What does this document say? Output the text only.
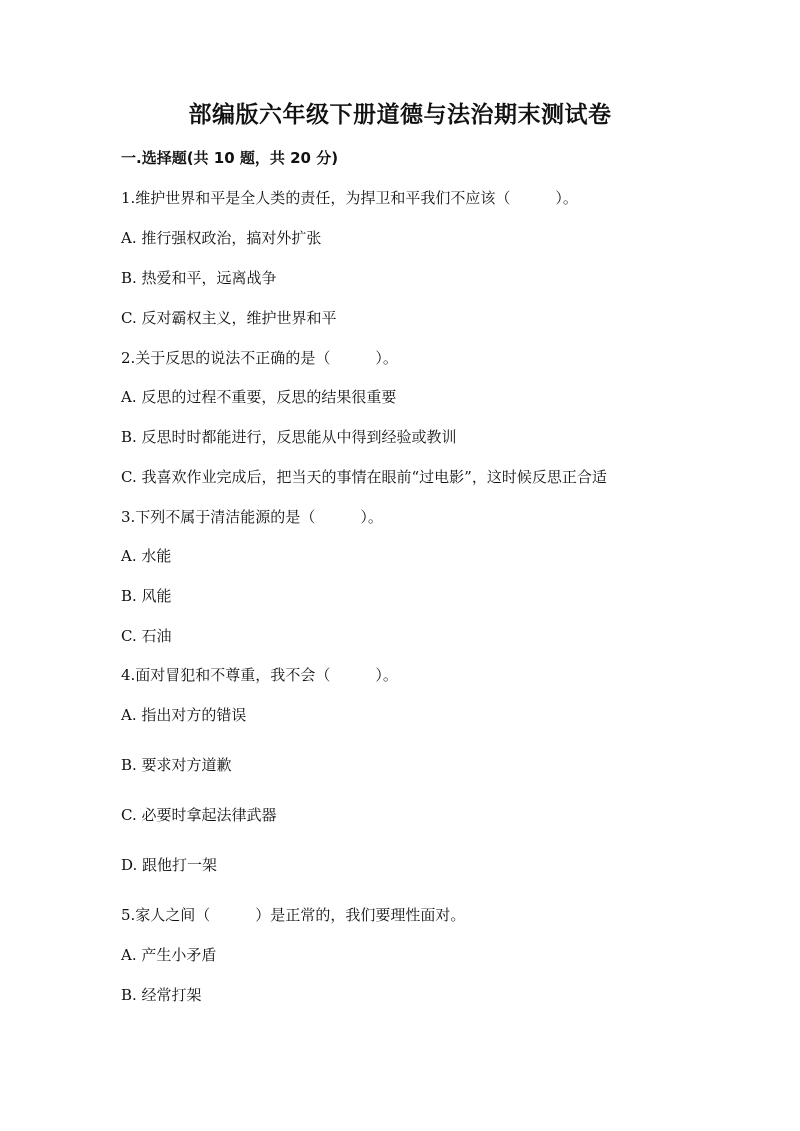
部编版六年级下册道德与法治期末测试卷
一.选择题(共 10 题，共 20 分)
1.维护世界和平是全人类的责任，为捍卫和平我们不应该（　　　）。
A. 推行强权政治，搞对外扩张
B. 热爱和平，远离战争
C. 反对霸权主义，维护世界和平
2.关于反思的说法不正确的是（　　　）。
A. 反思的过程不重要，反思的结果很重要
B. 反思时时都能进行，反思能从中得到经验或教训
C. 我喜欢作业完成后，把当天的事情在眼前“过电影”，这时候反思正合适
3.下列不属于清洁能源的是（　　　）。
A. 水能
B. 风能
C. 石油
4.面对冒犯和不尊重，我不会（　　　）。
A. 指出对方的错误
B. 要求对方道歉
C. 必要时拿起法律武器
D. 跟他打一架
5.家人之间（　　　）是正常的，我们要理性面对。
A. 产生小矛盾
B. 经常打架
